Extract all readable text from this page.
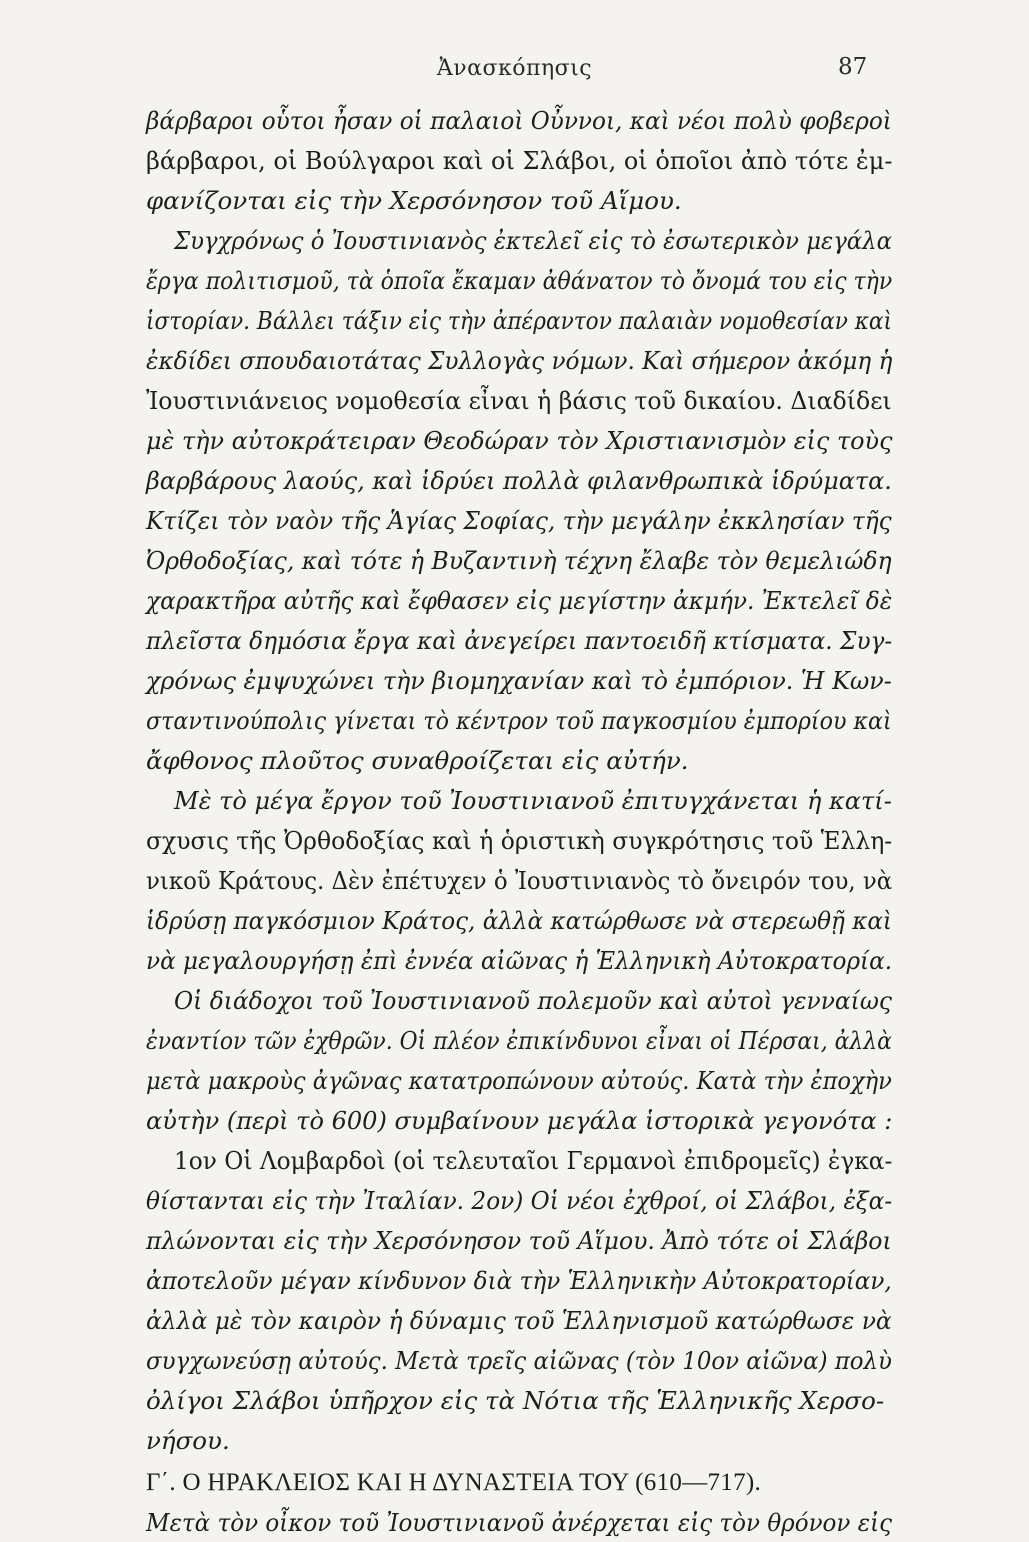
Ἀνασκόπησις	87
βάρβαροι οὗτοι ἦσαν οἱ παλαιοὶ Οὖννοι, καὶ νέοι πολὺ φοβεροὶ
βάρβαροι, οἱ Βούλγαροι καὶ οἱ Σλάβοι, οἱ ὁποῖοι ἀπὸ τότε ἐμ-
φανίζονται εἰς τὴν Χερσόνησον τοῦ Αἵμου.
Συγχρόνως ὁ Ἰουστινιανὸς ἐκτελεῖ εἰς τὸ ἐσωτερικὸν μεγάλα
ἔργα πολιτισμοῦ, τὰ ὁποῖα ἔκαμαν ἀθάνατον τὸ ὄνομά του εἰς τὴν
ἱστορίαν. Βάλλει τάξιν εἰς τὴν ἀπέραντον παλαιὰν νομοθεσίαν καὶ
ἐκδίδει σπουδαιοτάτας Συλλογὰς νόμων. Καὶ σήμερον ἀκόμη ἡ
Ἰουστινιάνειος νομοθεσία εἶναι ἡ βάσις τοῦ δικαίου. Διαδίδει
μὲ τὴν αὐτοκράτειραν Θεοδώραν τὸν Χριστιανισμὸν εἰς τοὺς
βαρβάρους λαούς, καὶ ἱδρύει πολλὰ φιλανθρωπικὰ ἱδρύματα.
Κτίζει τὸν ναὸν τῆς Ἁγίας Σοφίας, τὴν μεγάλην ἐκκλησίαν τῆς
Ὀρθοδοξίας, καὶ τότε ἡ Βυζαντινὴ τέχνη ἔλαβε τὸν θεμελιώδη
χαρακτῆρα αὐτῆς καὶ ἔφθασεν εἰς μεγίστην ἀκμήν. Ἐκτελεῖ δὲ
πλεῖστα δημόσια ἔργα καὶ ἀνεγείρει παντοειδῆ κτίσματα. Συγ-
χρόνως ἐμψυχώνει τὴν βιομηχανίαν καὶ τὸ ἐμπόριον. Ἡ Κων-
σταντινούπολις γίνεται τὸ κέντρον τοῦ παγκοσμίου ἐμπορίου καὶ
ἄφθονος πλοῦτος συναθροίζεται εἰς αὐτήν.
Μὲ τὸ μέγα ἔργον τοῦ Ἰουστινιανοῦ ἐπιτυγχάνεται ἡ κατί-
σχυσις τῆς Ὀρθοδοξίας καὶ ἡ ὁριστικὴ συγκρότησις τοῦ Ἑλλη-
νικοῦ Κράτους. Δὲν ἐπέτυχεν ὁ Ἰουστινιανὸς τὸ ὄνειρόν του, νὰ
ἱδρύσῃ παγκόσμιον Κράτος, ἀλλὰ κατώρθωσε νὰ στερεωθῇ καὶ
νὰ μεγαλουργήσῃ ἐπὶ ἐννέα αἰῶνας ἡ Ἑλληνικὴ Αὐτοκρατορία.
Οἱ διάδοχοι τοῦ Ἰουστινιανοῦ πολεμοῦν καὶ αὐτοὶ γενναίως
ἐναντίον τῶν ἐχθρῶν. Οἱ πλέον ἐπικίνδυνοι εἶναι οἱ Πέρσαι, ἀλλὰ
μετὰ μακροὺς ἀγῶνας κατατροπώνουν αὐτούς. Κατὰ τὴν ἐποχὴν
αὐτὴν (περὶ τὸ 600) συμβαίνουν μεγάλα ἱστορικὰ γεγονότα :
1ον Οἱ Λομβαρδοὶ (οἱ τελευταῖοι Γερμανοὶ ἐπιδρομεῖς) ἐγκα-
θίστανται εἰς τὴν Ἰταλίαν. 2ον) Οἱ νέοι ἐχθροί, οἱ Σλάβοι, ἐξα-
πλώνονται εἰς τὴν Χερσόνησον τοῦ Αἵμου. Ἀπὸ τότε οἱ Σλάβοι
ἀποτελοῦν μέγαν κίνδυνον διὰ τὴν Ἑλληνικὴν Αὐτοκρατορίαν,
ἀλλὰ μὲ τὸν καιρὸν ἡ δύναμις τοῦ Ἑλληνισμοῦ κατώρθωσε νὰ
συγχωνεύσῃ αὐτούς. Μετὰ τρεῖς αἰῶνας (τὸν 10ον αἰῶνα) πολὺ
ὀλίγοι Σλάβοι ὑπῆρχον εἰς τὰ Νότια τῆς Ἑλληνικῆς Χερσο-
νήσου.
Γ΄. Ο ΗΡΑΚΛΕΙΟΣ ΚΑΙ Η ΔΥΝΑΣΤΕΙΑ ΤΟΥ (610—717).
Μετὰ τὸν οἶκον τοῦ Ἰουστινιανοῦ ἀνέρχεται εἰς τὸν θρόνον εἰς
